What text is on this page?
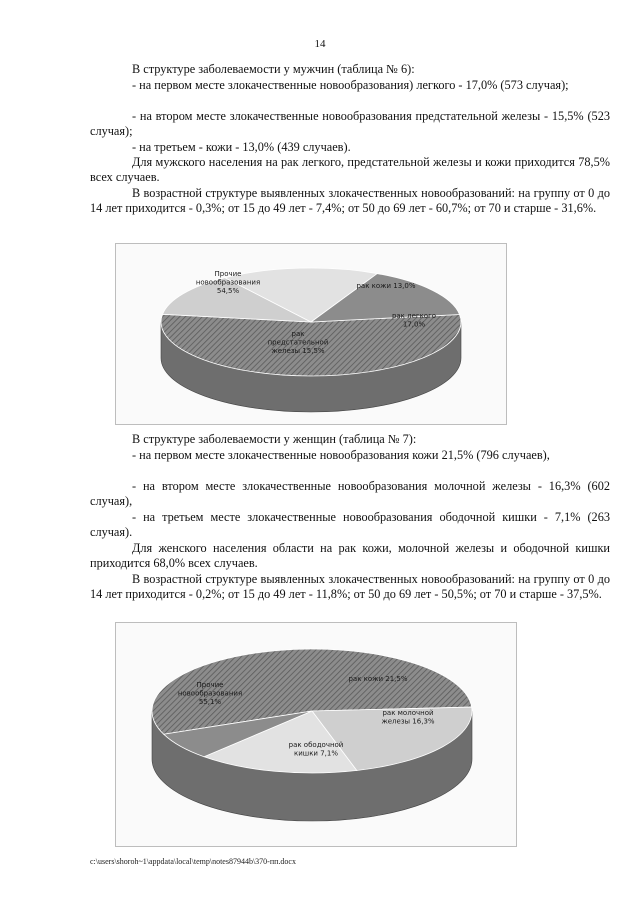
14

В структуре заболеваемости у мужчин (таблица № 6):

- на первом месте злокачественные новообразования) легкого - 17,0% (573 случая);

- на втором месте злокачественные новообразования предстательной железы - 15,5% (523 случая);

- на третьем - кожи - 13,0% (439 случаев).

Для мужского населения на рак легкого, предстательной железы и кожи приходится 78,5% всех случаев.

В возрастной структуре выявленных злокачественных новообразований: на группу от 0 до 14 лет приходится - 0,3%; от 15 до 49 лет - 7,4%; от 50 до 69 лет - 60,7%; от 70 и старше - 31,6%.

Прочие новообразования 54,5%
рак кожи 13,0%
рак легкого 17,0%
рак предстательной железы 15,5%

В структуре заболеваемости у женщин (таблица № 7):

- на первом месте злокачественные новообразования кожи 21,5% (796 случаев),

- на втором месте злокачественные новообразования молочной железы - 16,3% (602 случая),

- на третьем месте злокачественные новообразования ободочной кишки - 7,1% (263 случая).

Для женского населения области на рак кожи, молочной железы и ободочной кишки приходится 68,0% всех случаев.

В возрастной структуре выявленных злокачественных новообразований: на группу от 0 до 14 лет приходится - 0,2%; от 15 до 49 лет - 11,8%; от 50 до 69 лет - 50,5%; от 70 и старше - 37,5%.

Прочие новообразования 55,1%
рак кожи 21,5%
рак молочной железы 16,3%
рак ободочной кишки 7,1%
c:\users\shoroh~1\appdata\local\temp\notes87944b\370-пп.docx
